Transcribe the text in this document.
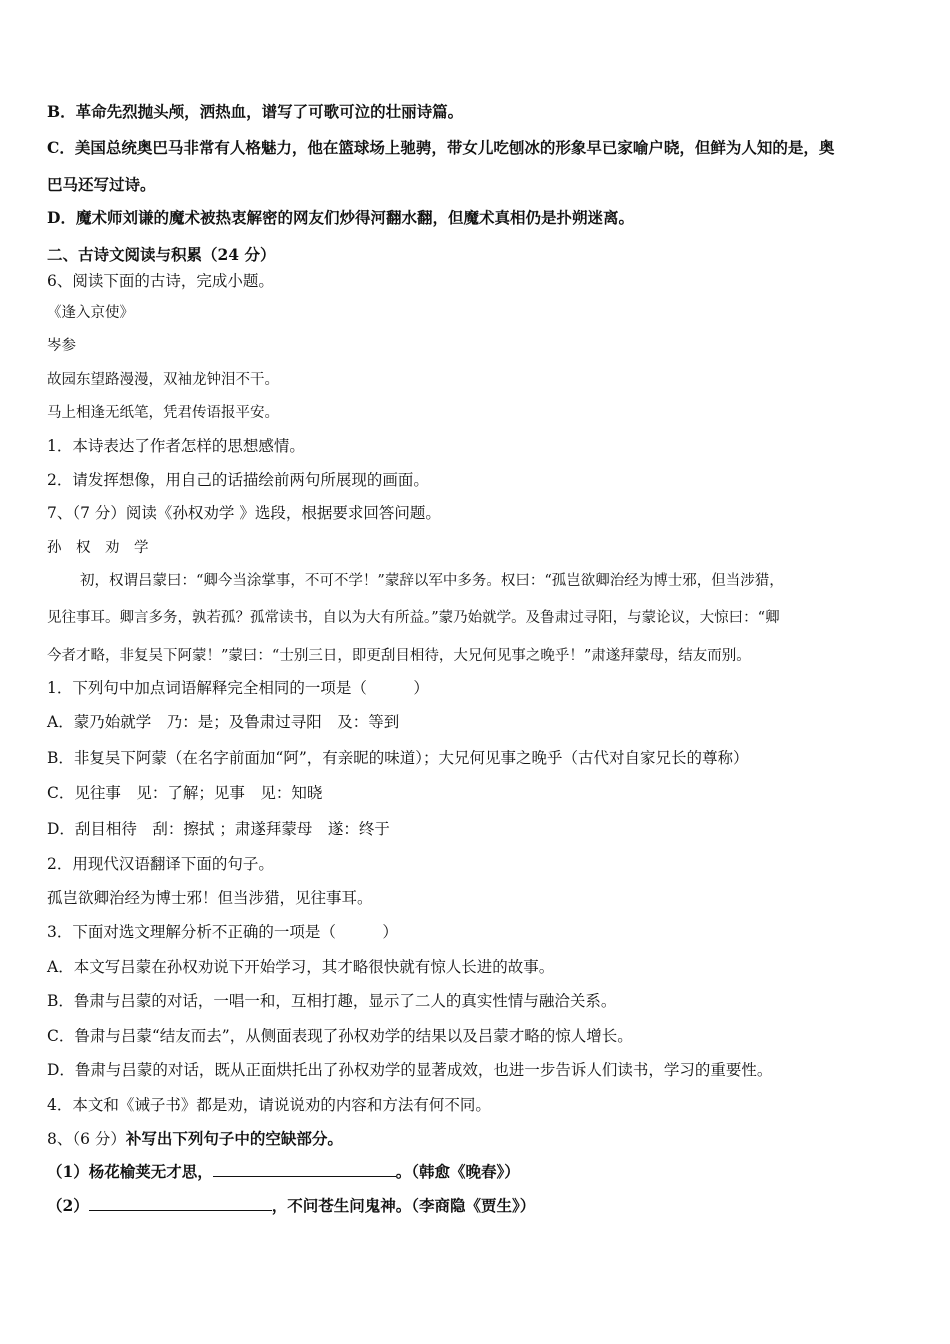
B．革命先烈抛头颅，洒热血，谱写了可歌可泣的壮丽诗篇。
C．美国总统奥巴马非常有人格魅力，他在篮球场上驰骋，带女儿吃刨冰的形象早已家喻户晓，但鲜为人知的是，奥
巴马还写过诗。
D．魔术师刘谦的魔术被热衷解密的网友们炒得河翻水翻，但魔术真相仍是扑朔迷离。
二、古诗文阅读与积累（24 分）
6、阅读下面的古诗，完成小题。
《逢入京使》
岑参
故园东望路漫漫，双袖龙钟泪不干。
马上相逢无纸笔，凭君传语报平安。
1．本诗表达了作者怎样的思想感情。
2．请发挥想像，用自己的话描绘前两句所展现的画面。
7、（7 分）阅读《孙权劝学 》选段，根据要求回答问题。
孙　权　劝　学
初，权谓吕蒙曰：“卿今当涂掌事，不可不学！”蒙辞以军中多务。权曰：“孤岂欲卿治经为博士邪，但当涉猎，
见往事耳。卿言多务，孰若孤？孤常读书，自以为大有所益。”蒙乃始就学。及鲁肃过寻阳，与蒙论议，大惊曰：“卿
今者才略，非复吴下阿蒙！”蒙曰：“士别三日，即更刮目相待，大兄何见事之晚乎！”肃遂拜蒙母，结友而别。
1．下列句中加点词语解释完全相同的一项是（　　　）
A．蒙乃始就学　乃：是；及鲁肃过寻阳　及：等到
B．非复吴下阿蒙（在名字前面加“阿”，有亲昵的味道）；大兄何见事之晚乎（古代对自家兄长的尊称）
C．见往事　见：了解；见事　见：知晓
D．刮目相待　刮：擦拭 ；肃遂拜蒙母　遂：终于
2．用现代汉语翻译下面的句子。
孤岂欲卿治经为博士邪！但当涉猎，见往事耳。
3．下面对选文理解分析不正确的一项是（　　　）
A．本文写吕蒙在孙权劝说下开始学习，其才略很快就有惊人长进的故事。
B．鲁肃与吕蒙的对话，一唱一和，互相打趣，显示了二人的真实性情与融洽关系。
C．鲁肃与吕蒙“结友而去”，从侧面表现了孙权劝学的结果以及吕蒙才略的惊人增长。
D．鲁肃与吕蒙的对话，既从正面烘托出了孙权劝学的显著成效，也进一步告诉人们读书，学习的重要性。
4．本文和《诫子书》都是劝，请说说劝的内容和方法有何不同。
8、（6 分）补写出下列句子中的空缺部分。
（1）杨花榆荚无才思，	。（韩愈《晚春》）
（2）	，不问苍生问鬼神。（李商隐《贾生》）
